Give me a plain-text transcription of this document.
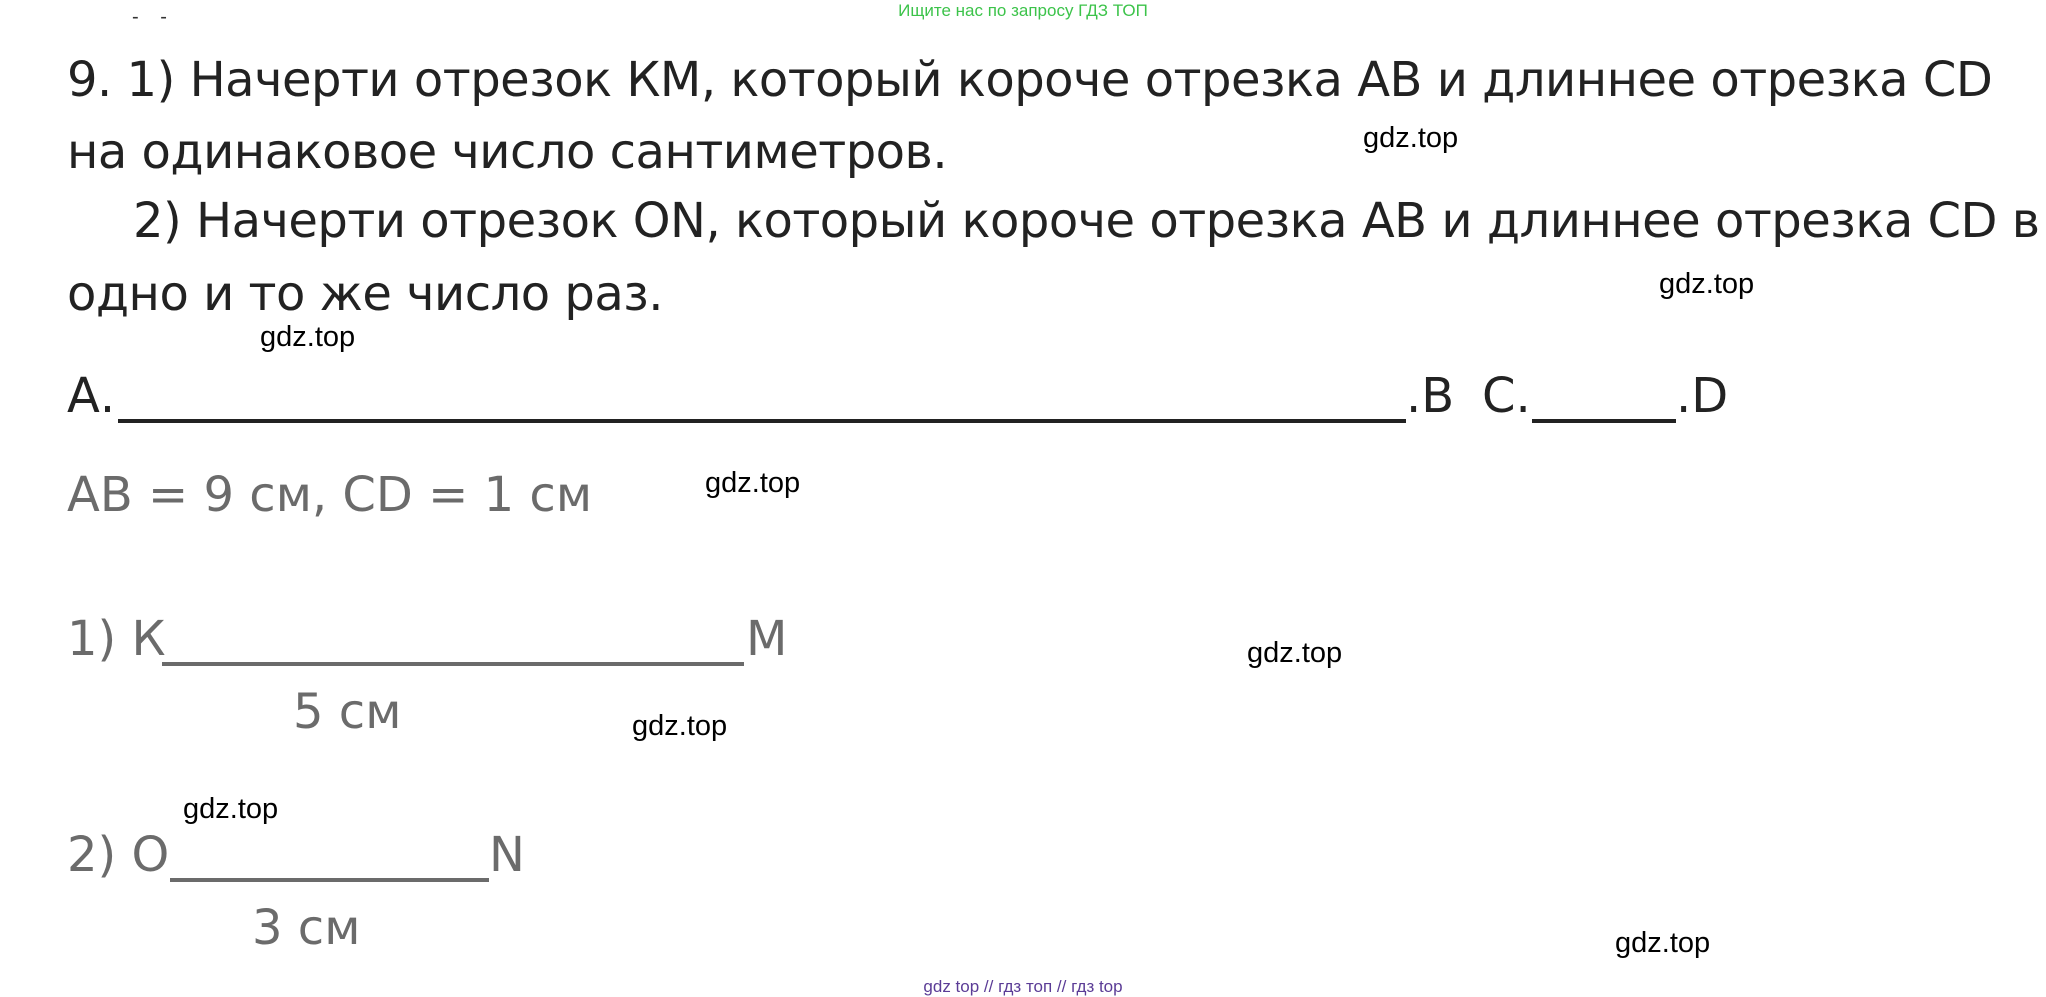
Ищите нас по запросу ГДЗ ТОП
- -
9. 1) Начерти отрезок КМ, который короче отрезка АВ и длиннее отрезка CD
на одинаковое число сантиметров.
2) Начерти отрезок ON, который короче отрезка АВ и длиннее отрезка CD в
одно и то же число раз.
А.	.В С.	.D
АВ = 9 см, CD = 1 см
1) К	М
5 см
2) О	N
3 см
gdz.top
gdz.top
gdz.top
gdz.top
gdz.top
gdz.top
gdz.top
gdz.top
gdz top // гдз топ // гдз top
